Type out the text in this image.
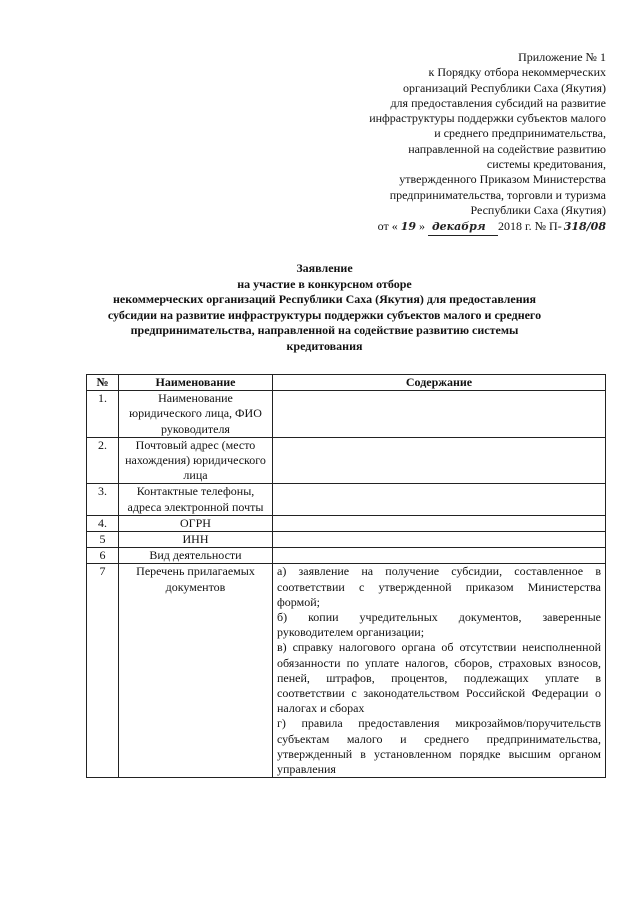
Приложение № 1
к Порядку отбора некоммерческих
организаций Республики Саха (Якутия)
для предоставления субсидий на развитие
инфраструктуры поддержки субъектов малого
и среднего предпринимательства,
направленной на содействие развитию
системы кредитования,
утвержденного Приказом Министерства
предпринимательства, торговли и туризма
Республики Саха (Якутия)
от « 19 » декабря 2018 г. № П- 318/08
Заявление
на участие в конкурсном отборе
некоммерческих организаций Республики Саха (Якутия) для предоставления
субсидии на развитие инфраструктуры поддержки субъектов малого и среднего
предпринимательства, направленной на содействие развитию системы
кредитования
№	Наименование	Содержание
1.	Наименование юридического лица, ФИО руководителя	
2.	Почтовый адрес (место нахождения) юридического лица	
3.	Контактные телефоны, адреса электронной почты	
4.	ОГРН	
5	ИНН	
6	Вид деятельности	
7	Перечень прилагаемых документов	а) заявление на получение субсидии, составленное в соответствии с утвержденной приказом Министерства формой;

б) копии учредительных документов, заверенные руководителем организации;

в) справку налогового органа об отсутствии неисполненной обязанности по уплате налогов, сборов, страховых взносов, пеней, штрафов, процентов, подлежащих уплате в соответствии с законодательством Российской Федерации о налогах и сборах

г) правила предоставления микрозаймов/поручительств субъектам малого и среднего предпринимательства, утвержденный в установленном порядке высшим органом управления
